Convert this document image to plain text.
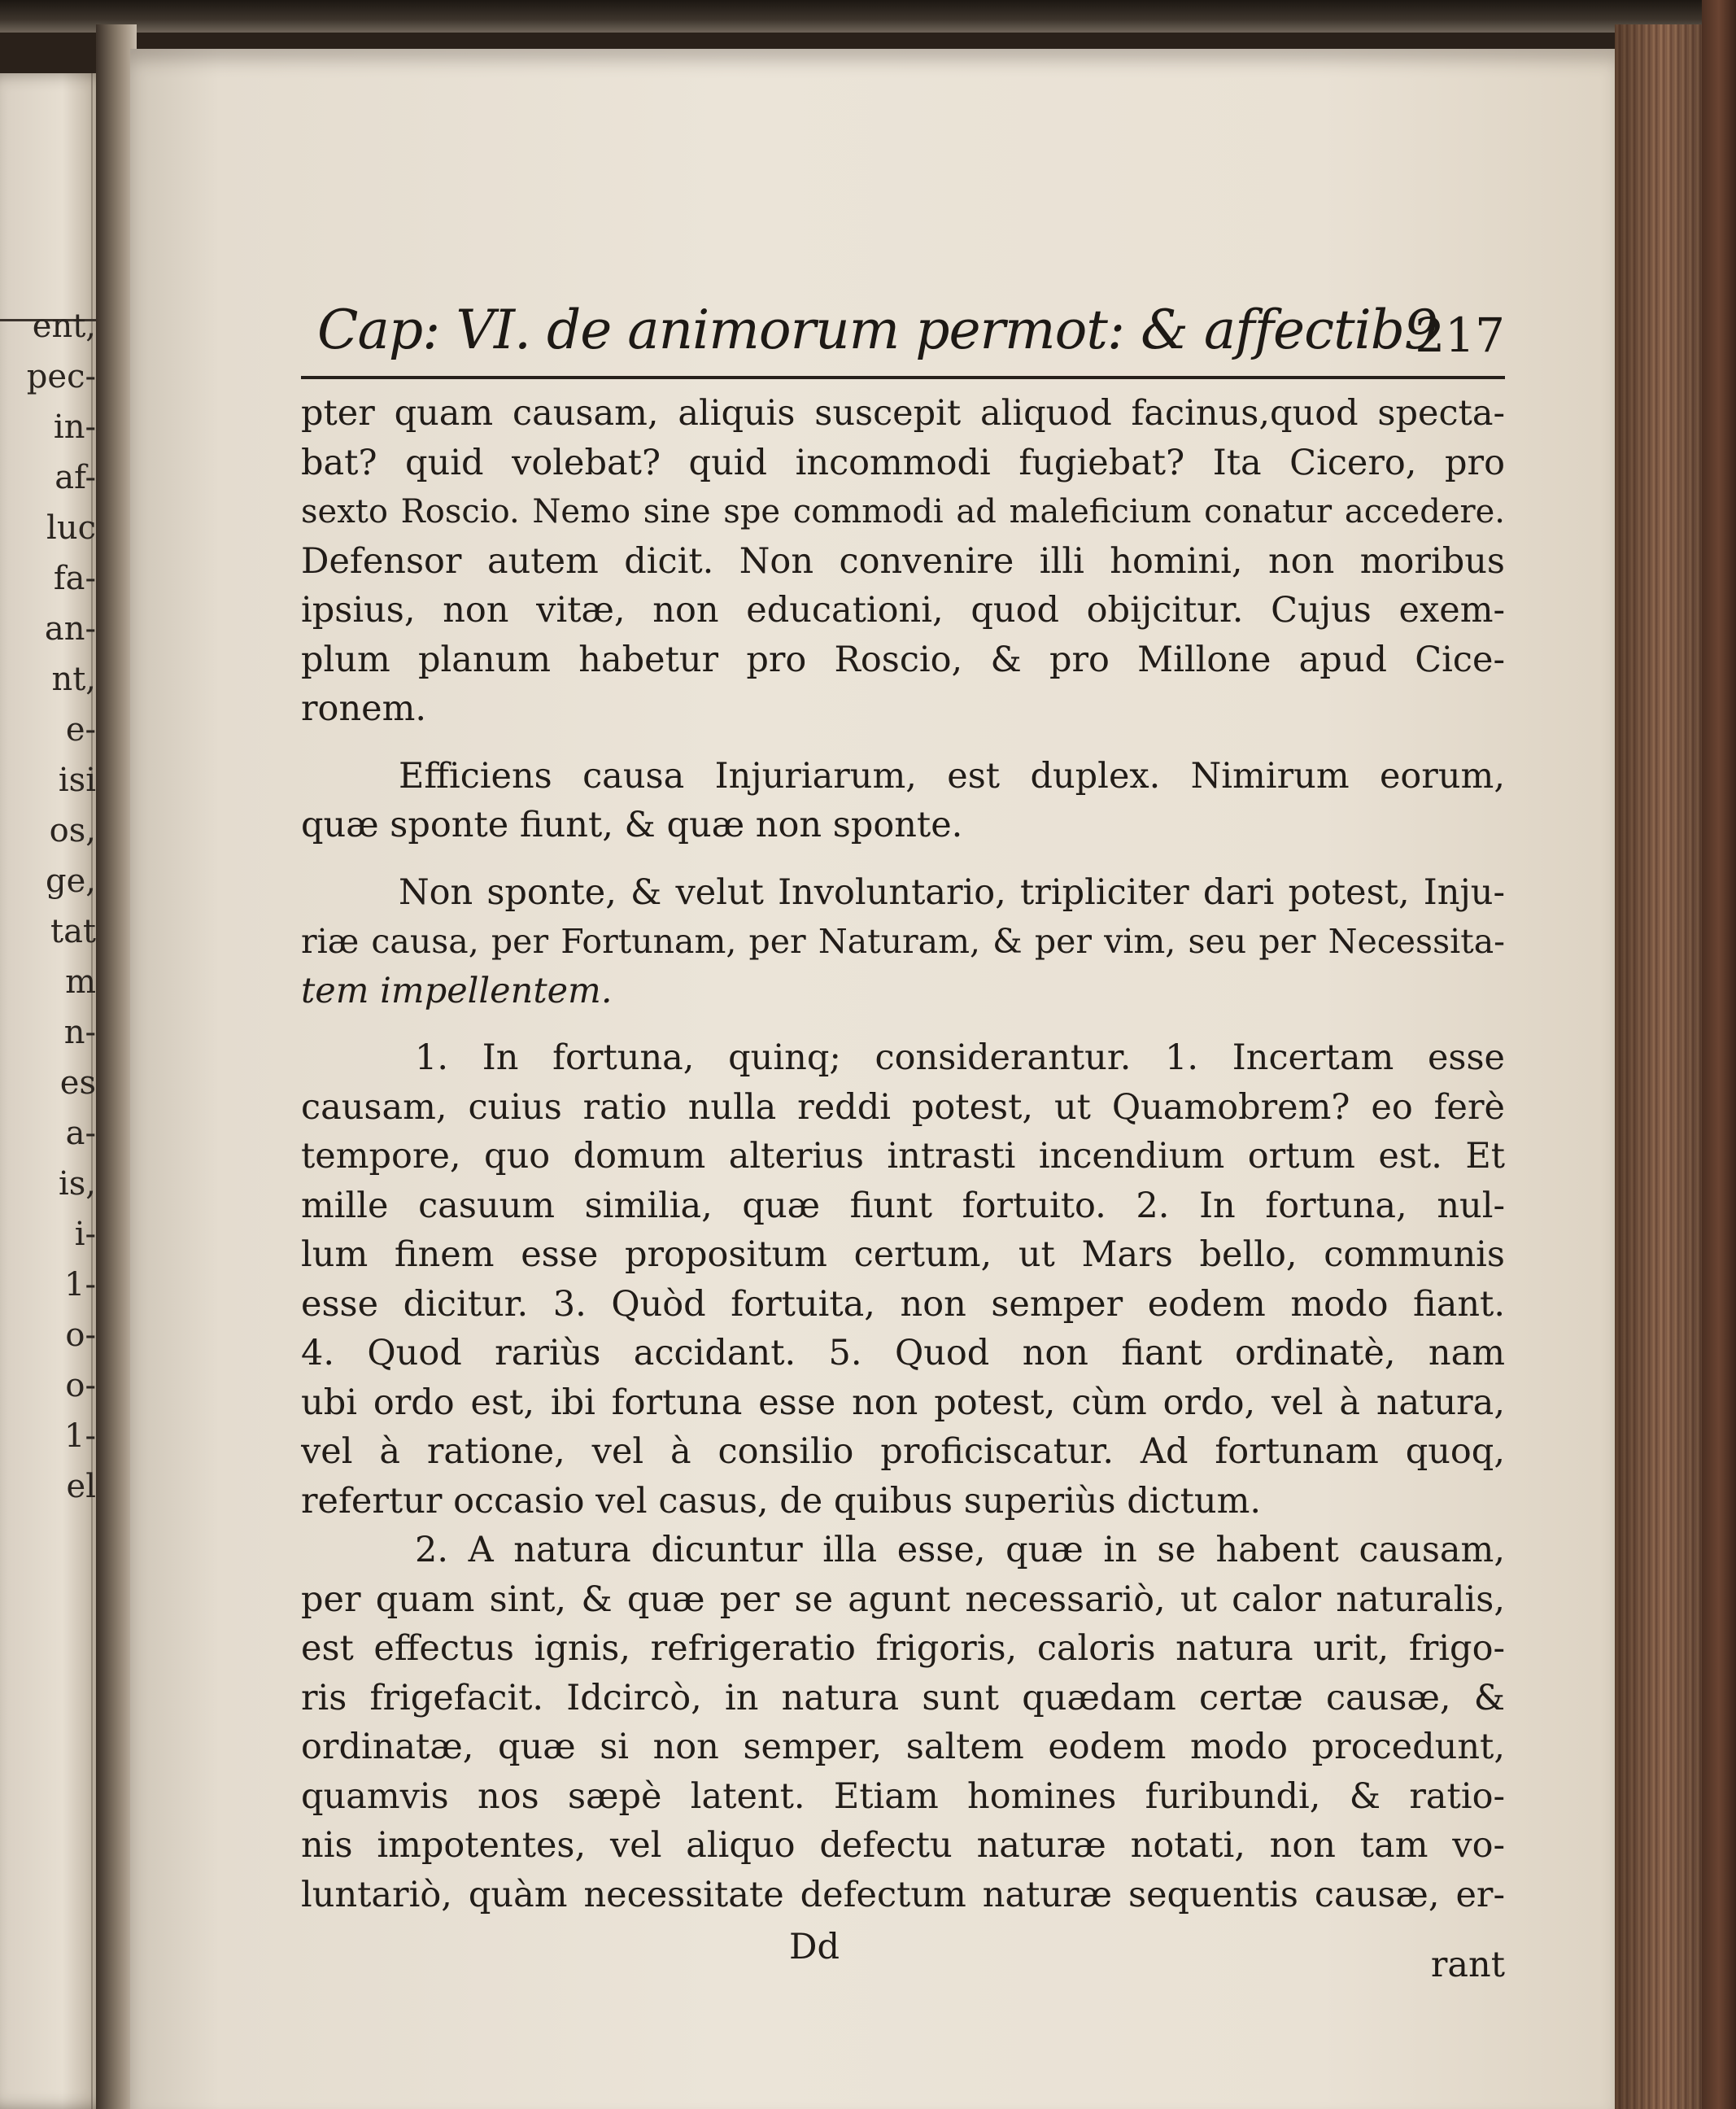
ent,
pec-
in-
af-
luc
fa-
an-
nt,
e-
isi
os,
ge,
tat
m
n-
es
a-
is,
i-
1-
o-
o-
1-
el
Cap: VI. de animorum permot: & affectib9
217
pter quam causam, aliquis suscepit aliquod facinus,quod specta-
bat? quid volebat? quid incommodi fugiebat? Ita Cicero, pro
sexto Roscio. Nemo sine spe commodi ad maleficium conatur accedere.
Defensor autem dicit. Non convenire illi homini, non moribus
ipsius, non vitæ, non educationi, quod obijcitur. Cujus exem-
plum planum habetur pro Roscio, & pro Millone apud Cice-
ronem.
Efficiens causa Injuriarum, est duplex. Nimirum eorum,
quæ sponte fiunt, & quæ non sponte.
Non sponte, & velut Involuntario, tripliciter dari potest, Inju-
riæ causa, per Fortunam, per Naturam, & per vim, seu per Necessita-
tem impellentem.
1. In fortuna, quinq; considerantur. 1. Incertam esse
causam, cuius ratio nulla reddi potest, ut Quamobrem? eo ferè
tempore, quo domum alterius intrasti incendium ortum est. Et
mille casuum similia, quæ fiunt fortuito. 2. In fortuna, nul-
lum finem esse propositum certum, ut Mars bello, communis
esse dicitur. 3. Quòd fortuita, non semper eodem modo fiant.
4. Quod rariùs accidant. 5. Quod non fiant ordinatè, nam
ubi ordo est, ibi fortuna esse non potest, cùm ordo, vel à natura,
vel à ratione, vel à consilio proficiscatur. Ad fortunam quoq,
refertur occasio vel casus, de quibus superiùs dictum.
2. A natura dicuntur illa esse, quæ in se habent causam,
per quam sint, & quæ per se agunt necessariò, ut calor naturalis,
est effectus ignis, refrigeratio frigoris, caloris natura urit, frigo-
ris frigefacit. Idcircò, in natura sunt quædam certæ causæ, &
ordinatæ, quæ si non semper, saltem eodem modo procedunt,
quamvis nos sæpè latent. Etiam homines furibundi, & ratio-
nis impotentes, vel aliquo defectu naturæ notati, non tam vo-
luntariò, quàm necessitate defectum naturæ sequentis causæ, er-
Dd	rant
